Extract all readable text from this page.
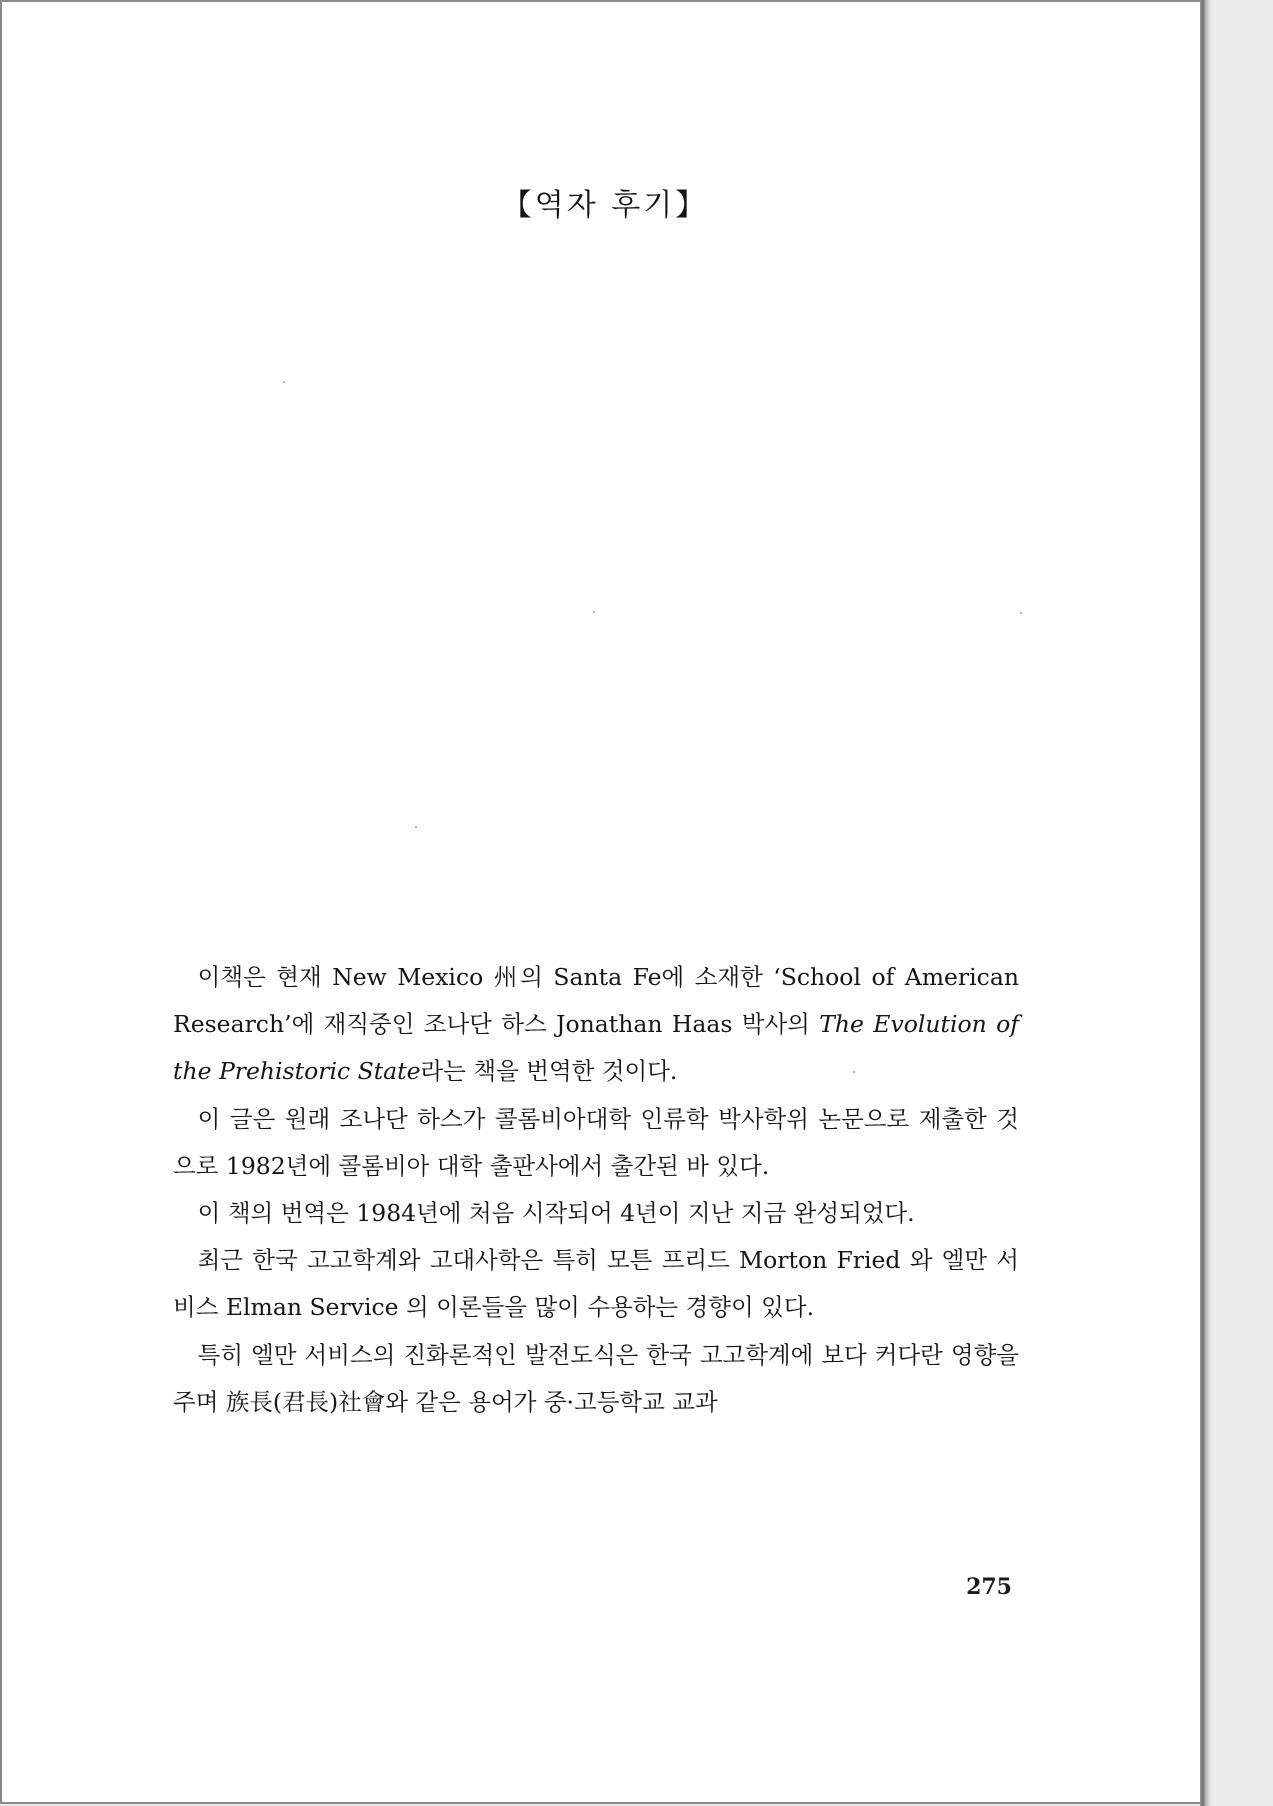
【역자 후기】

이책은 현재 New Mexico 州의 Santa Fe에 소재한 ‘School of American Research’에 재직중인 조나단 하스 Jonathan Haas 박사의 The Evolution of the Prehistoric State라는 책을 번역한 것이다.

이 글은 원래 조나단 하스가 콜롬비아대학 인류학 박사학위 논문으로 제출한 것으로 1982년에 콜롬비아 대학 출판사에서 출간된 바 있다.

이 책의 번역은 1984년에 처음 시작되어 4년이 지난 지금 완성되었다.

최근 한국 고고학계와 고대사학은 특히 모튼 프리드 Morton Fried 와 엘만 서비스 Elman Service 의 이론들을 많이 수용하는 경향이 있다.

특히 엘만 서비스의 진화론적인 발전도식은 한국 고고학계에 보다 커다란 영향을 주며 族長(君長)社會와 같은 용어가 중·고등학교 교과

275
